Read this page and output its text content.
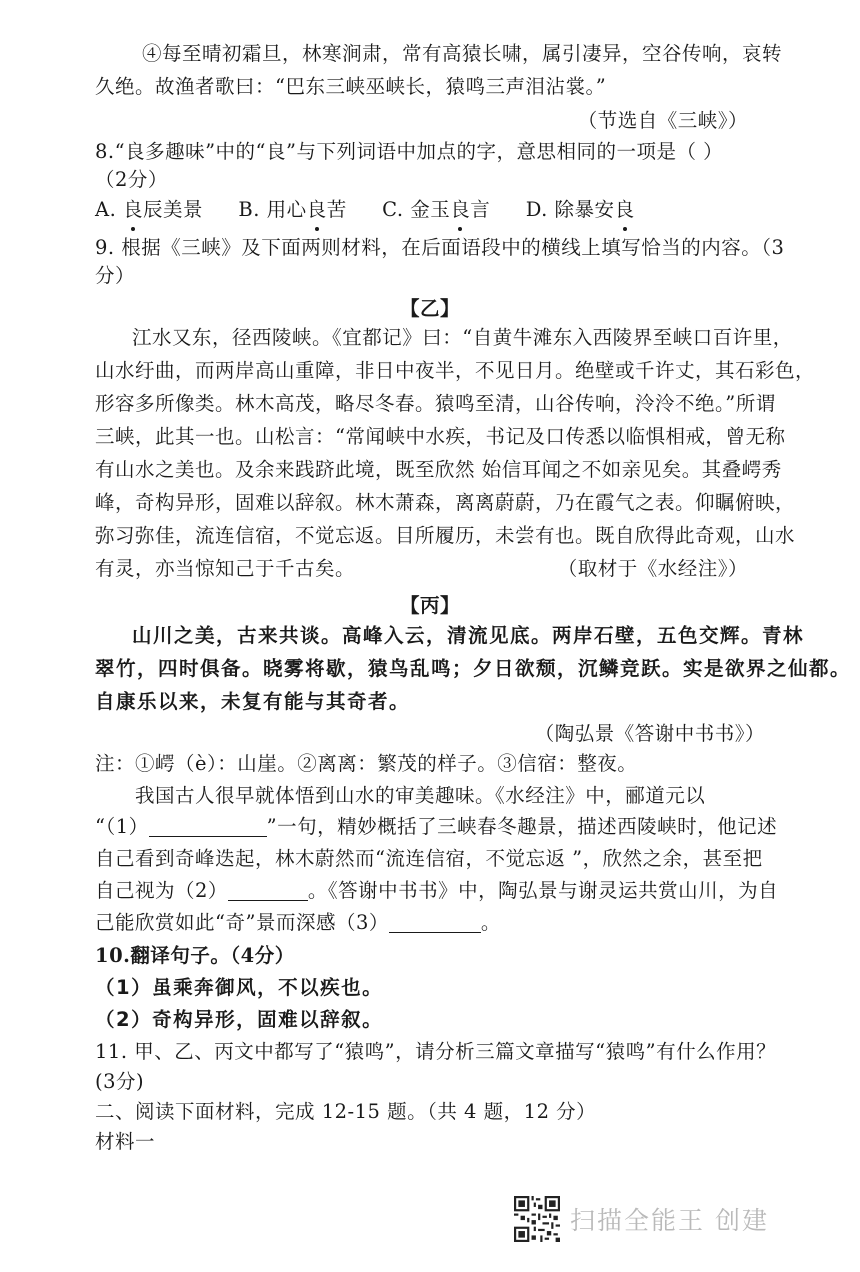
④每至晴初霜旦，林寒涧肃，常有高猿长啸，属引凄异，空谷传响，哀转
久绝。故渔者歌曰：“巴东三峡巫峡长，猿鸣三声泪沾裳。”
（节选自《三峡》）
8.“良多趣味”中的“良”与下列词语中加点的字，意思相同的一项是（ ）
（2分）
A. 良辰美景 B. 用心良苦 C. 金玉良言 D. 除暴安良
9. 根据《三峡》及下面两则材料，在后面语段中的横线上填写恰当的内容。（3
分）
【乙】
江水又东，径西陵峡。《宜都记》曰：“自黄牛滩东入西陵界至峡口百许里，
山水纡曲，而两岸高山重障，非日中夜半，不见日月。绝壁或千许丈，其石彩色，
形容多所像类。林木高茂，略尽冬春。猿鸣至清，山谷传响，泠泠不绝。”所谓
三峡，此其一也。山松言：“常闻峡中水疾，书记及口传悉以临惧相戒，曾无称
有山水之美也。及余来践跻此境，既至欣然 始信耳闻之不如亲见矣。其叠崿秀
峰，奇构异形，固难以辞叙。林木萧森，离离蔚蔚，乃在霞气之表。仰瞩俯映，
弥习弥佳，流连信宿，不觉忘返。目所履历，未尝有也。既自欣得此奇观，山水
有灵，亦当惊知己于千古矣。	（取材于《水经注》）
【丙】
山川之美，古来共谈。高峰入云，清流见底。两岸石壁，五色交辉。青林
翠竹，四时俱备。晓雾将歇，猿鸟乱鸣；夕日欲颓，沉鳞竞跃。实是欲界之仙都。
自康乐以来，未复有能与其奇者。
（陶弘景《答谢中书书》）
注：①崿（è）：山崖。②离离：繁茂的样子。③信宿：整夜。
我国古人很早就体悟到山水的审美趣味。《水经注》中，郦道元以
“（1）	”一句，精妙概括了三峡春冬趣景，描述西陵峡时，他记述
自己看到奇峰迭起，林木蔚然而“流连信宿，不觉忘返 ”，欣然之余，甚至把
自己视为（2）	。《答谢中书书》中，陶弘景与谢灵运共赏山川，为自
己能欣赏如此“奇”景而深感（3）	。
10.翻译句子。（4分）
（1）虽乘奔御风，不以疾也。
（2）奇构异形，固难以辞叙。
11. 甲、乙、丙文中都写了“猿鸣”，请分析三篇文章描写“猿鸣”有什么作用？
(3分)
二、阅读下面材料，完成 12-15 题。（共 4 题，12 分）
材料一
扫描全能王 创建
